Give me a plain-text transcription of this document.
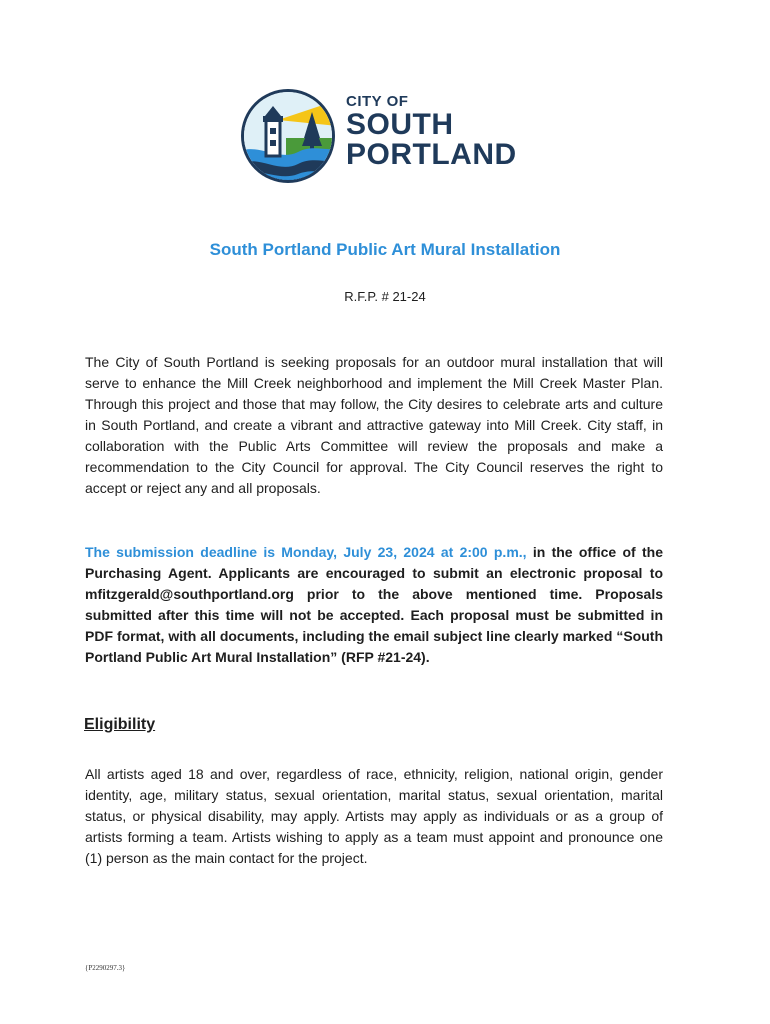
CITY OF
SOUTH
PORTLAND
South Portland Public Art Mural Installation
R.F.P. # 21-24

The City of South Portland is seeking proposals for an outdoor mural installation that will serve to enhance the Mill Creek neighborhood and implement the Mill Creek Master Plan. Through this project and those that may follow, the City desires to celebrate arts and culture in South Portland, and create a vibrant and attractive gateway into Mill Creek. City staff, in collaboration with the Public Arts Committee will review the proposals and make a recommendation to the City Council for approval. The City Council reserves the right to accept or reject any and all proposals.

The submission deadline is Monday, July 23, 2024 at 2:00 p.m., in the office of the Purchasing Agent. Applicants are encouraged to submit an electronic proposal to mfitzgerald@southportland.org prior to the above mentioned time. Proposals submitted after this time will not be accepted. Each proposal must be submitted in PDF format, with all documents, including the email subject line clearly marked “South Portland Public Art Mural Installation” (RFP #21-24).

Eligibility

All artists aged 18 and over, regardless of race, ethnicity, religion, national origin, gender identity, age, military status, sexual orientation, marital status, sexual orientation, marital status, or physical disability, may apply. Artists may apply as individuals or as a group of artists forming a team. Artists wishing to apply as a team must appoint and pronounce one (1) person as the main contact for the project.

{P2290297.3}
